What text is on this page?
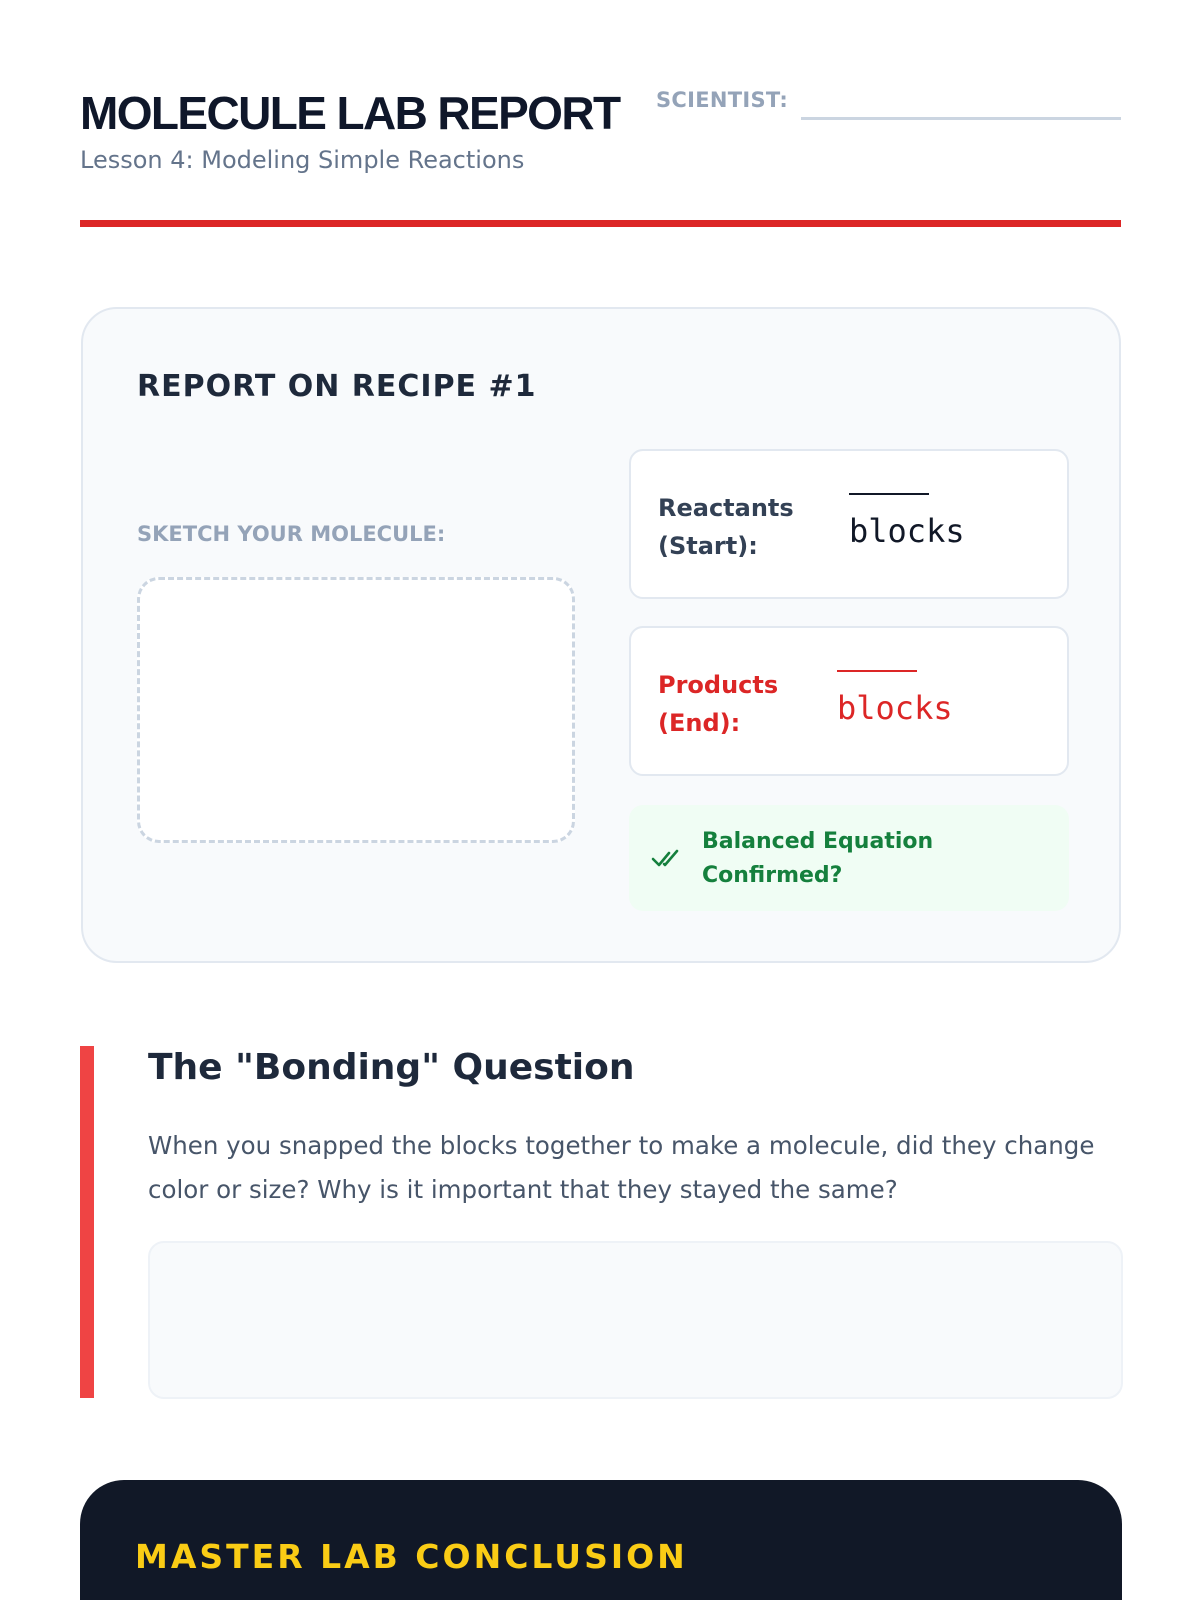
MOLECULE LAB REPORT SCIENTIST:
Lesson 4: Modeling Simple Reactions
REPORT ON RECIPE #1
SKETCH YOUR MOLECULE:
Reactants
(Start):	blocks
Products
(End):	blocks
Balanced Equation
Confirmed?
The "Bonding" Question
When you snapped the blocks together to make a molecule, did they change color or size? Why is it important that they stayed the same?
MASTER LAB CONCLUSION
